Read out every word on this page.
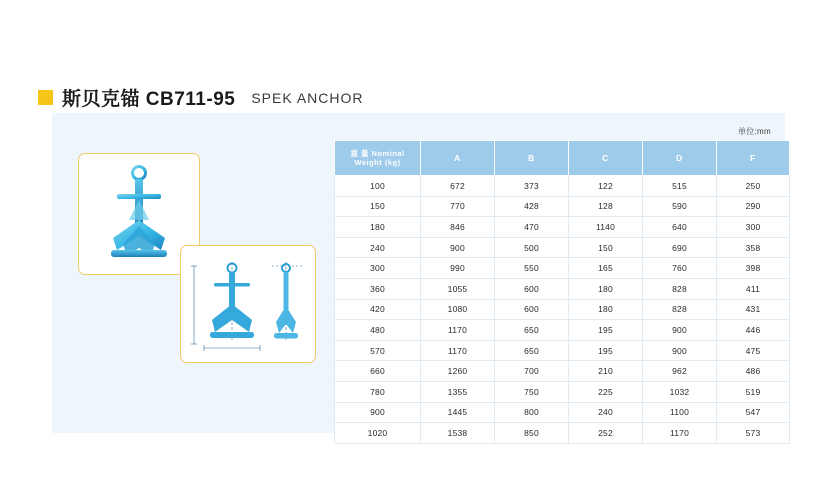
斯贝克锚 CB711-95 SPEK ANCHOR
单位:mm
重 量 Nominal Weight (kg)	A	B	C	D	F
100	672	373	122	515	250
150	770	428	128	590	290
180	846	470	1140	640	300
240	900	500	150	690	358
300	990	550	165	760	398
360	1055	600	180	828	411
420	1080	600	180	828	431
480	1170	650	195	900	446
570	1170	650	195	900	475
660	1260	700	210	962	486
780	1355	750	225	1032	519
900	1445	800	240	1100	547
1020	1538	850	252	1170	573
